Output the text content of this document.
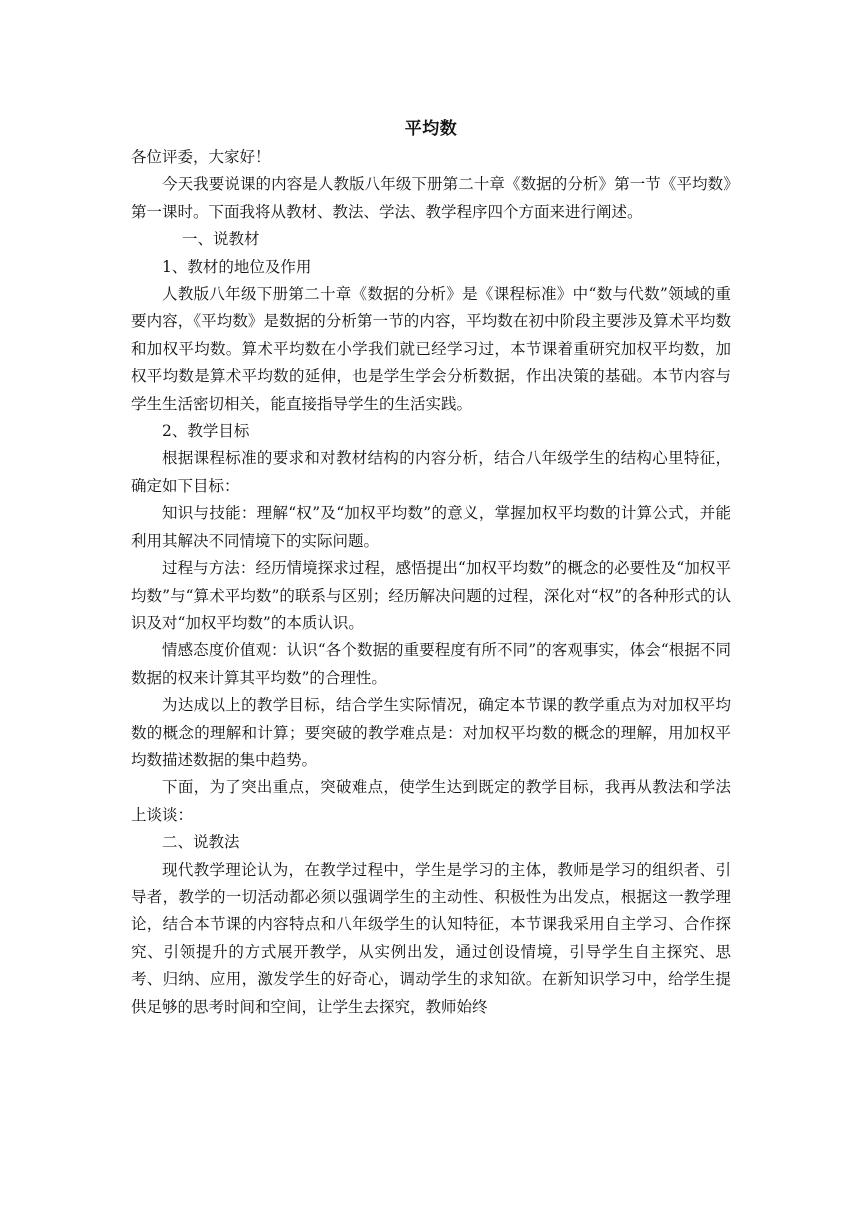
平均数

各位评委，大家好！

今天我要说课的内容是人教版八年级下册第二十章《数据的分析》第一节《平均数》第一课时。下面我将从教材、教法、学法、教学程序四个方面来进行阐述。

一、说教材

1、教材的地位及作用

人教版八年级下册第二十章《数据的分析》是《课程标准》中“数与代数”领域的重要内容，《平均数》是数据的分析第一节的内容，平均数在初中阶段主要涉及算术平均数和加权平均数。算术平均数在小学我们就已经学习过，本节课着重研究加权平均数，加权平均数是算术平均数的延伸，也是学生学会分析数据，作出决策的基础。本节内容与学生生活密切相关，能直接指导学生的生活实践。

2、教学目标

根据课程标准的要求和对教材结构的内容分析，结合八年级学生的结构心里特征，确定如下目标：

知识与技能：理解“权”及“加权平均数”的意义，掌握加权平均数的计算公式，并能利用其解决不同情境下的实际问题。

过程与方法：经历情境探求过程，感悟提出“加权平均数”的概念的必要性及“加权平均数”与“算术平均数”的联系与区别；经历解决问题的过程，深化对“权”的各种形式的认识及对“加权平均数”的本质认识。

情感态度价值观：认识“各个数据的重要程度有所不同”的客观事实，体会“根据不同数据的权来计算其平均数”的合理性。

为达成以上的教学目标，结合学生实际情况，确定本节课的教学重点为对加权平均数的概念的理解和计算；要突破的教学难点是：对加权平均数的概念的理解，用加权平均数描述数据的集中趋势。

下面，为了突出重点，突破难点，使学生达到既定的教学目标，我再从教法和学法上谈谈：

二、说教法

现代教学理论认为，在教学过程中，学生是学习的主体，教师是学习的组织者、引导者，教学的一切活动都必须以强调学生的主动性、积极性为出发点，根据这一教学理论，结合本节课的内容特点和八年级学生的认知特征，本节课我采用自主学习、合作探究、引领提升的方式展开教学，从实例出发，通过创设情境，引导学生自主探究、思考、归纳、应用，激发学生的好奇心，调动学生的求知欲。在新知识学习中，给学生提供足够的思考时间和空间，让学生去探究，教师始终
